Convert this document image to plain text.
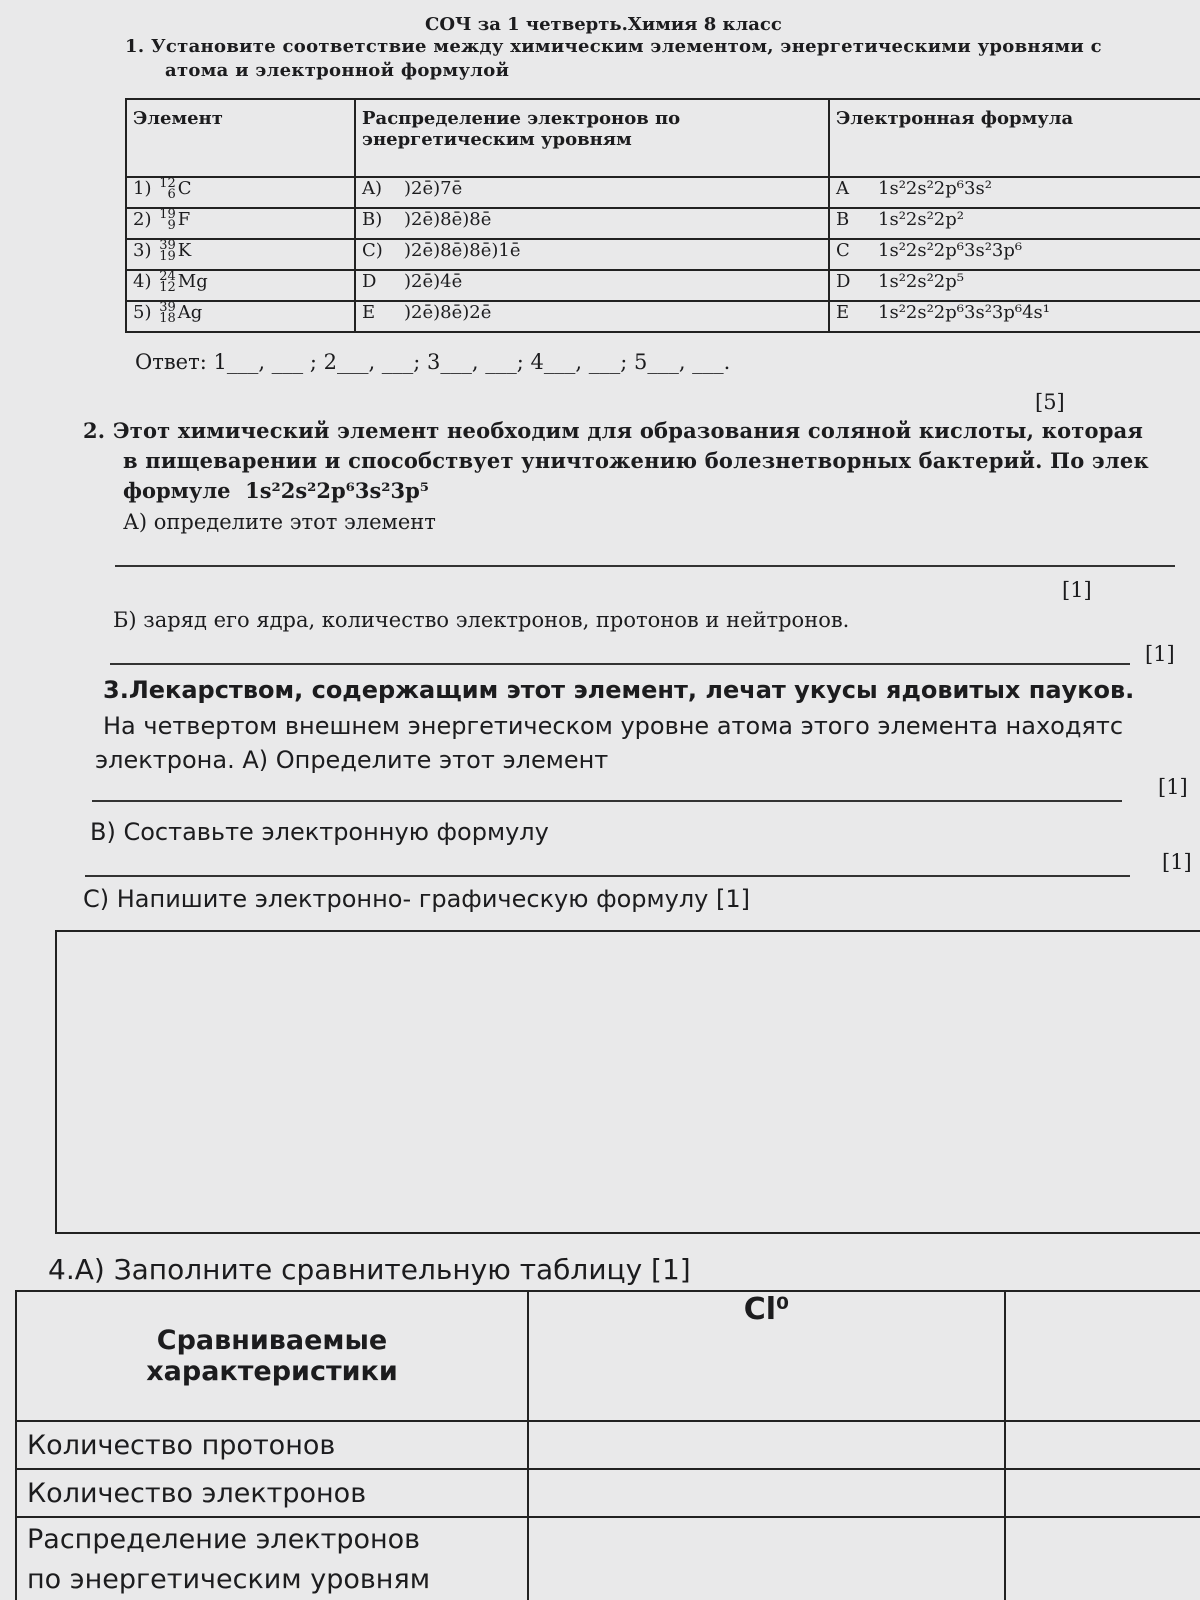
СОЧ за 1 четверть.Химия 8 класс
1. Установите соответствие между химическим элементом, энергетическими уровнями с
атома и электронной формулой
Элемент	Распределение электронов по энергетическим уровням	Электронная формула
1) 12
6 C	A) )2ē)7ē	A 1s²2s²2p⁶3s²
2) 19
9 F	B) )2ē)8ē)8ē	B 1s²2s²2p²
3) 39
19 K	C) )2ē)8ē)8ē)1ē	C 1s²2s²2p⁶3s²3p⁶
4) 24
12 Mg	D )2ē)4ē	D 1s²2s²2p⁵
5) 39
18 Ag	E )2ē)8ē)2ē	E 1s²2s²2p⁶3s²3p⁶4s¹
Ответ: 1___, ___ ; 2___, ___; 3___, ___; 4___, ___; 5___, ___.
[5]
2. Этот химический элемент необходим для образования соляной кислоты, которая
в пищеварении и способствует уничтожению болезнетворных бактерий. По элек
формуле 1s²2s²2p⁶3s²3p⁵
А) определите этот элемент
[1]
Б) заряд его ядра, количество электронов, протонов и нейтронов.
[1]
3.Лекарством, содержащим этот элемент, лечат укусы ядовитых пауков.
На четвертом внешнем энергетическом уровне атома этого элемента находятс
электрона. А) Определите этот элемент
[1]
В) Составьте электронную формулу
[1]
С) Напишите электронно- графическую формулу [1]
4.А) Заполните сравнительную таблицу [1]
Сравниваемые характеристики	Cl⁰	
Количество протонов		
Количество электронов		
Распределение электронов
по энергетическим уровням		
